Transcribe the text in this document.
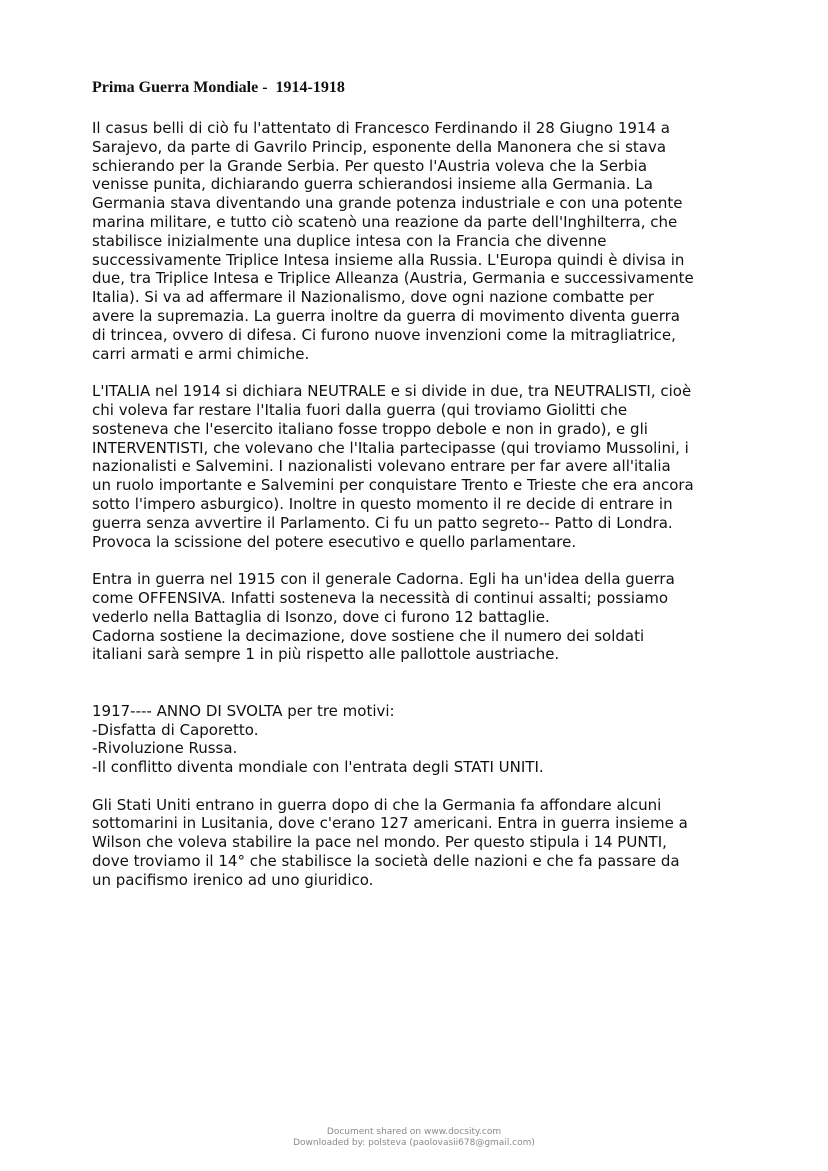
Prima Guerra Mondiale -  1914-1918

Il casus belli di ciò fu l'attentato di Francesco Ferdinando il 28 Giugno 1914 a
Sarajevo, da parte di Gavrilo Princip, esponente della Manonera che si stava
schierando per la Grande Serbia. Per questo l'Austria voleva che la Serbia
venisse punita, dichiarando guerra schierandosi insieme alla Germania. La
Germania stava diventando una grande potenza industriale e con una potente
marina militare, e tutto ciò scatenò una reazione da parte dell'Inghilterra, che
stabilisce inizialmente una duplice intesa con la Francia che divenne
successivamente Triplice Intesa insieme alla Russia. L'Europa quindi è divisa in
due, tra Triplice Intesa e Triplice Alleanza (Austria, Germania e successivamente
Italia). Si va ad affermare il Nazionalismo, dove ogni nazione combatte per
avere la supremazia. La guerra inoltre da guerra di movimento diventa guerra
di trincea, ovvero di difesa. Ci furono nuove invenzioni come la mitragliatrice,
carri armati e armi chimiche.

L'ITALIA nel 1914 si dichiara NEUTRALE e si divide in due, tra NEUTRALISTI, cioè
chi voleva far restare l'Italia fuori dalla guerra (qui troviamo Giolitti che
sosteneva che l'esercito italiano fosse troppo debole e non in grado), e gli
INTERVENTISTI, che volevano che l'Italia partecipasse (qui troviamo Mussolini, i
nazionalisti e Salvemini. I nazionalisti volevano entrare per far avere all'italia
un ruolo importante e Salvemini per conquistare Trento e Trieste che era ancora
sotto l'impero asburgico). Inoltre in questo momento il re decide di entrare in
guerra senza avvertire il Parlamento. Ci fu un patto segreto-- Patto di Londra.
Provoca la scissione del potere esecutivo e quello parlamentare.

Entra in guerra nel 1915 con il generale Cadorna. Egli ha un'idea della guerra
come OFFENSIVA. Infatti sosteneva la necessità di continui assalti; possiamo
vederlo nella Battaglia di Isonzo, dove ci furono 12 battaglie.
Cadorna sostiene la decimazione, dove sostiene che il numero dei soldati
italiani sarà sempre 1 in più rispetto alle pallottole austriache.

1917---- ANNO DI SVOLTA per tre motivi:
-Disfatta di Caporetto.
-Rivoluzione Russa.
-Il conflitto diventa mondiale con l'entrata degli STATI UNITI.

Gli Stati Uniti entrano in guerra dopo di che la Germania fa affondare alcuni
sottomarini in Lusitania, dove c'erano 127 americani. Entra in guerra insieme a
Wilson che voleva stabilire la pace nel mondo. Per questo stipula i 14 PUNTI,
dove troviamo il 14° che stabilisce la società delle nazioni e che fa passare da
un pacifismo irenico ad uno giuridico.

Document shared on www.docsity.com
Downloaded by: polsteva (paolovasii678@gmail.com)
